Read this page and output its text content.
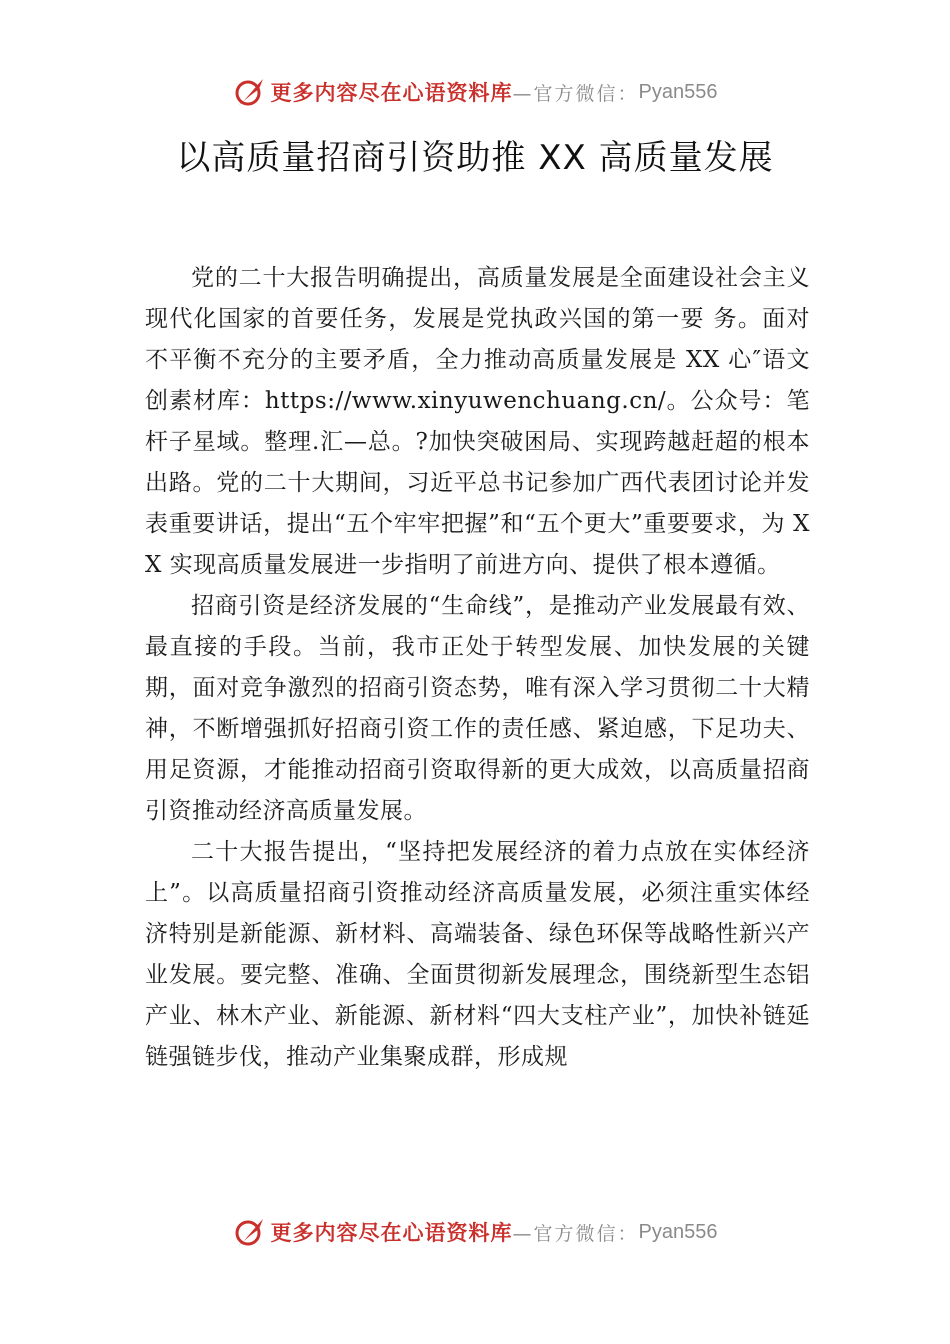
更多内容尽在心语资料库 —官方微信： Pyan556
以高质量招商引资助推 XX 高质量发展

党的二十大报告明确提出，高质量发展是全面建设社会主义现代化国家的首要任务，发展是党执政兴国的第一要 务。面对不平衡不充分的主要矛盾，全力推动高质量发展是 XX 心″语文创素材库：https://www.xinyuwenchuang.cn/。公众号：笔杆子星域。整理.汇—总。?加快突破困局、实现跨越赶超的根本出路。党的二十大期间，习近平总书记参加广西代表团讨论并发表重要讲话，提出“五个牢牢把握”和“五个更大”重要要求，为 XX 实现高质量发展进一步指明了前进方向、提供了根本遵循。

招商引资是经济发展的“生命线”，是推动产业发展最有效、最直接的手段。当前，我市正处于转型发展、加快发展的关键期，面对竞争激烈的招商引资态势，唯有深入学习贯彻二十大精神，不断增强抓好招商引资工作的责任感、紧迫感，下足功夫、用足资源，才能推动招商引资取得新的更大成效，以高质量招商引资推动经济高质量发展。

二十大报告提出，“坚持把发展经济的着力点放在实体经济上”。以高质量招商引资推动经济高质量发展，必须注重实体经济特别是新能源、新材料、高端装备、绿色环保等战略性新兴产业发展。要完整、准确、全面贯彻新发展理念，围绕新型生态铝产业、林木产业、新能源、新材料“四大支柱产业”，加快补链延链强链步伐，推动产业集聚成群，形成规

更多内容尽在心语资料库 —官方微信： Pyan556
